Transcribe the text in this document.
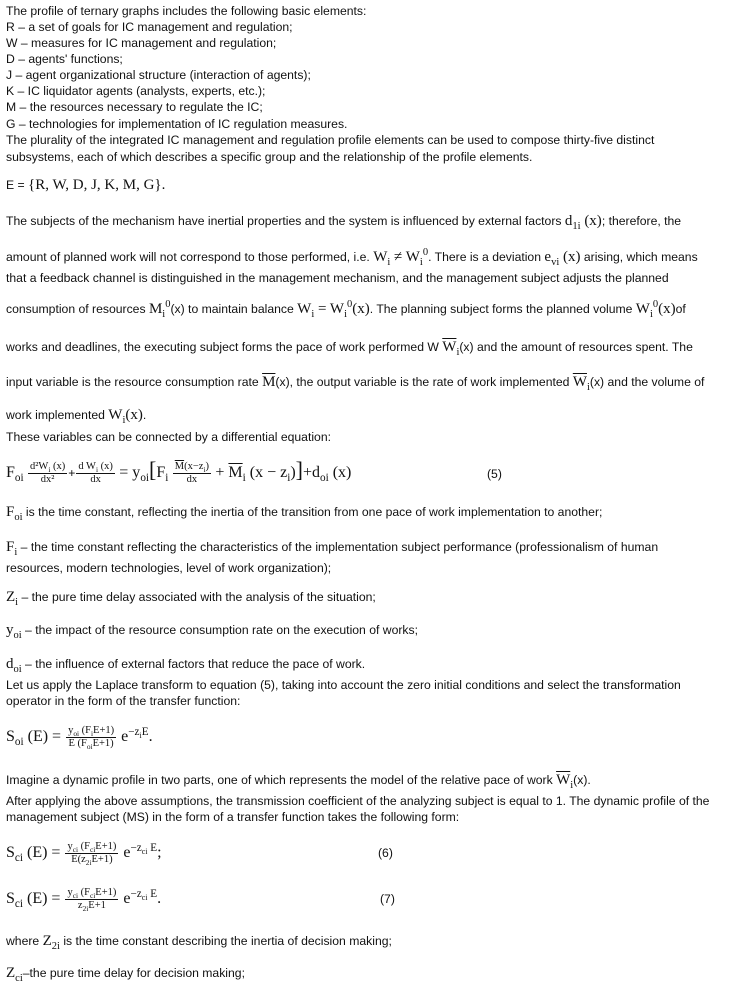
The profile of ternary graphs includes the following basic elements:
R – a set of goals for IC management and regulation;
W – measures for IC management and regulation;
D – agents' functions;
J – agent organizational structure (interaction of agents);
K – IC liquidator agents (analysts, experts, etc.);
M – the resources necessary to regulate the IC;
G – technologies for implementation of IC regulation measures.
The plurality of the integrated IC management and regulation profile elements can be used to compose thirty-five distinct
subsystems, each of which describes a specific group and the relationship of the profile elements.
E = {R, W, D, J, K, M, G}.
The subjects of the mechanism have inertial properties and the system is influenced by external factors $d_{1i}$ (x); therefore, the
amount of planned work will not correspond to those performed, i.e. $W_i \ne W_i^0$. There is a deviation $e_{vi}$ (x) arising, which means
that a feedback channel is distinguished in the management mechanism, and the management subject adjusts the planned
consumption of resources $M_i^0(x)$ to maintain balance $W_i = W_i^0(x)$. The planning subject forms the planned volume $W_i^0(x)of$
works and deadlines, the executing subject forms the pace of work performed W $\overline{W}_i(x)$ and the amount of resources spent. The
input variable is the resource consumption rate $\overline{M}(x)$, the output variable is the rate of work implemented $\overline{W}_i(x)$ and the volume of
work implemented $W_i(x)$.
These variables can be connected by a differential equation:
$F_{oi} \frac{d^2W_i (x)}{\text{dx²}} + \frac{d W_i (x)}{dx} = y_{oi}[F_i \frac{\overline{M}(x-z_i)}{dx} + \overline{M}_i$ $(x - z_i)]+d_{oi}$ (x)	(5)
$F_{oi}$ is the time constant, reflecting the inertia of the transition from one pace of work implementation to another;
$F_i$ – the time constant reflecting the characteristics of the implementation subject performance (professionalism of human
resources, modern technologies, level of work organization);
$Z_i$ – the pure time delay associated with the analysis of the situation;
$y_{oi}$ – the impact of the resource consumption rate on the execution of works;
$d_{oi}$ – the influence of external factors that reduce the pace of work.
Let us apply the Laplace transform to equation (5), taking into account the zero initial conditions and select the transformation
operator in the form of the transfer function:
$S_{oi}$ $(E) = \frac{y_{oi} (F_iE+1)}{E (F_{oi}E+1)} e^{-z_iE}$.
Imagine a dynamic profile in two parts, one of which represents the model of the relative pace of work $\overline{W}_i(x)$.
After applying the above assumptions, the transmission coefficient of the analyzing subject is equal to 1. The dynamic profile of the
management subject (MS) in the form of a transfer function takes the following form:
$S_{ci}$ $(E) = \frac{y_{ci} (F_{ci}E+1)}{E(z_{2i}E+1)} e^{-z_{ci} E}$;	(6)
$S_{ci}$ $(E) = \frac{y_{ci} (F_{ci}E+1)}{z_{2i}E+1} e^{-z_{ci} E}$.	(7)
where $Z_{2i}$ is the time constant describing the inertia of decision making;
$Z_{ci}$–the pure time delay for decision making;
